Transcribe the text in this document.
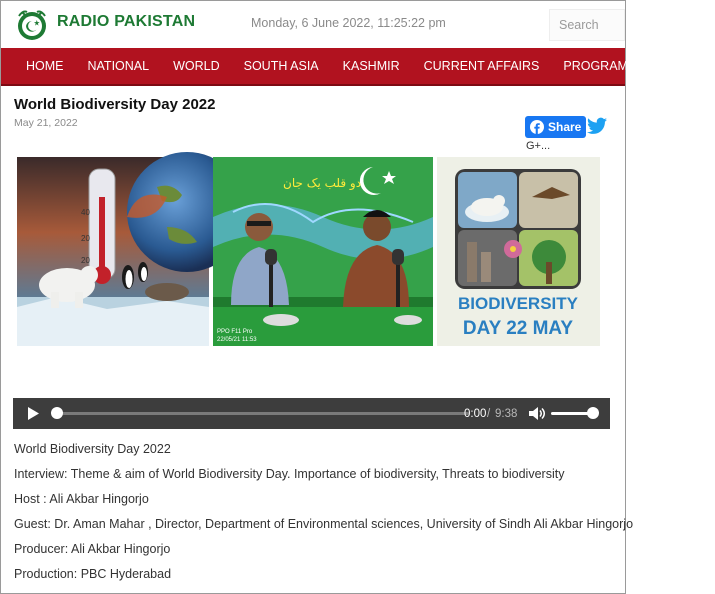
RADIO PAKISTAN	Monday, 6 June 2022, 11:25:22 pm
Search
HOME	NATIONAL	WORLD	SOUTH ASIA	KASHMIR	CURRENT AFFAIRS	PROGRAMS	FM 101
World Biodiversity Day 2022
May 21, 2022	Share
G+...
40
20
20
دو قلب یک جان
PPO F11 Pro
22/05/21 11:53
BIODIVERSITY
DAY 22 MAY
0:00 / 9:38
World Biodiversity Day 2022
Interview: Theme & aim of World Biodiversity Day. Importance of biodiversity, Threats to biodiversity
Host : Ali Akbar Hingorjo
Guest: Dr. Aman Mahar , Director, Department of Environmental sciences, University of Sindh Ali Akbar Hingorjo
Producer: Ali Akbar Hingorjo
Production: PBC Hyderabad
